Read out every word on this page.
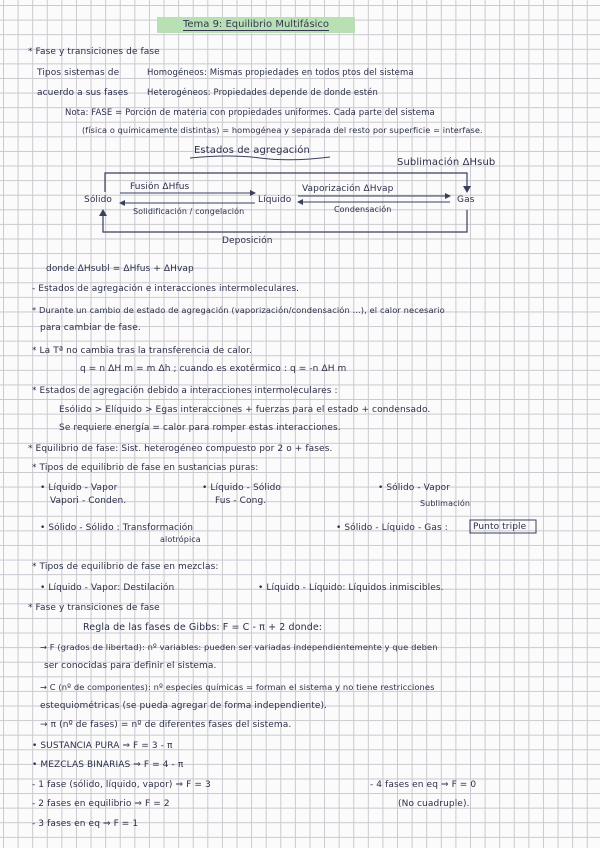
Tema 9: Equilibrio Multifásico
* Fase y transiciones de fase
Tipos sistemas de	Homogéneos: Mismas propiedades en todos ptos del sistema
acuerdo a sus fases Heterogéneos: Propiedades depende de donde estén
Nota: FASE = Porción de materia con propiedades uniformes. Cada parte del sistema
(física o químicamente distintas) = homogénea y separada del resto por superficie = interfase.
Estados de agregación
Sublimación ΔHsub
Fusión ΔHfus
Sólido	Líquido	Gas
Solidificación / congelación
Vaporización ΔHvap
Condensación
Deposición
donde ΔHsubl = ΔHfus + ΔHvap
- Estados de agregación e interacciones intermoleculares.
* Durante un cambio de estado de agregación (vaporización/condensación ...), el calor necesario
para cambiar de fase.
* La Tª no cambia tras la transferencia de calor.
q = n ΔH m = m Δh ; cuando es exotérmico : q = -n ΔH m
* Estados de agregación debido a interacciones intermoleculares :
Esólido > Elíquido > Egas interacciones + fuerzas para el estado + condensado.
Se requiere energía = calor para romper estas interacciones.
* Equilibrio de fase: Sist. heterogéneo compuesto por 2 o + fases.
* Tipos de equilibrio de fase en sustancias puras:
• Líquido - Vapor
Vapori - Conden.
• Líquido - Sólido
Fus - Cong.
• Sólido - Vapor
Sublimación
• Sólido - Sólido : Transformación
alotrópica
• Sólido - Líquido - Gas :	Punto triple
* Tipos de equilibrio de fase en mezclas:
• Líquido - Vapor: Destilación	• Líquido - Líquido: Líquidos inmiscibles.
* Fase y transiciones de fase
Regla de las fases de Gibbs: F = C - π + 2 donde:
→ F (grados de libertad): nº variables: pueden ser variadas independientemente y que deben
ser conocidas para definir el sistema.
→ C (nº de componentes): nº especies químicas = forman el sistema y no tiene restricciones
estequiométricas (se pueda agregar de forma independiente).
→ π (nº de fases) = nº de diferentes fases del sistema.
• SUSTANCIA PURA ⇒ F = 3 - π
• MEZCLAS BINARIAS ⇒ F = 4 - π
- 1 fase (sólido, líquido, vapor) ⇒ F = 3
- 2 fases en equilibrio ⇒ F = 2
- 3 fases en eq ⇒ F = 1
- 4 fases en eq ⇒ F = 0
(No cuadruple).
